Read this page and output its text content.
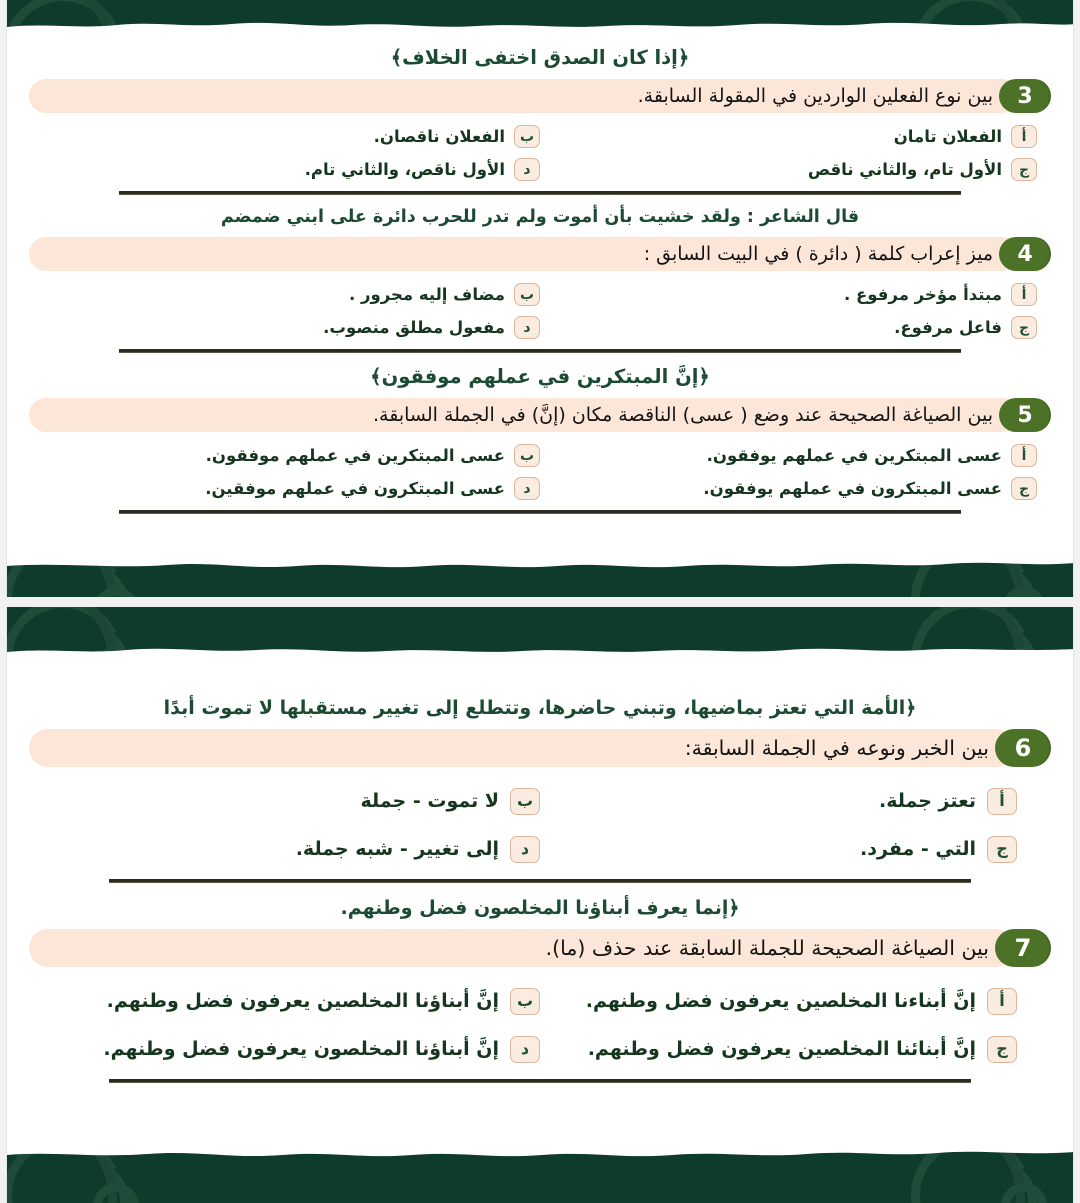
﴿إذا كان الصدق اختفى الخلاف﴾
3
بين نوع الفعلين الواردين في المقولة السابقة.
أ
الفعلان تامان
ب
الفعلان ناقصان.
ج
الأول تام، والثاني ناقص
د
الأول ناقص، والثاني تام.
قال الشاعر : ولقد خشيت بأن أموت ولم تدر للحرب دائرة على ابني ضمضم
4
ميز إعراب كلمة ( دائرة ) في البيت السابق :
أ
مبتدأ مؤخر مرفوع .
ب
مضاف إليه مجرور .
ج
فاعل مرفوع.
د
مفعول مطلق منصوب.
﴿إنَّ المبتكرين في عملهم موفقون﴾
5
بين الصياغة الصحيحة عند وضع ( عسى) الناقصة مكان (إنَّ) في الجملة السابقة.
أ
عسى المبتكرين في عملهم يوفقون.
ب
عسى المبتكرين في عملهم موفقون.
ج
عسى المبتكرون في عملهم يوفقون.
د
عسى المبتكرون في عملهم موفقين.
﴿الأمة التي تعتز بماضيها، وتبني حاضرها، وتتطلع إلى تغيير مستقبلها لا تموت أبدًا
6
بين الخبر ونوعه في الجملة السابقة:
أ
تعتز جملة.
ب
لا تموت - جملة
ج
التي - مفرد.
د
إلى تغيير - شبه جملة.
﴿إنما يعرف أبناؤنا المخلصون فضل وطنهم.
7
بين الصياغة الصحيحة للجملة السابقة عند حذف (ما).
أ
إنَّ أبناءنا المخلصين يعرفون فضل وطنهم.
ب
إنَّ أبناؤنا المخلصين يعرفون فضل وطنهم.
ج
إنَّ أبنائنا المخلصين يعرفون فضل وطنهم.
د
إنَّ أبناؤنا المخلصون يعرفون فضل وطنهم.
